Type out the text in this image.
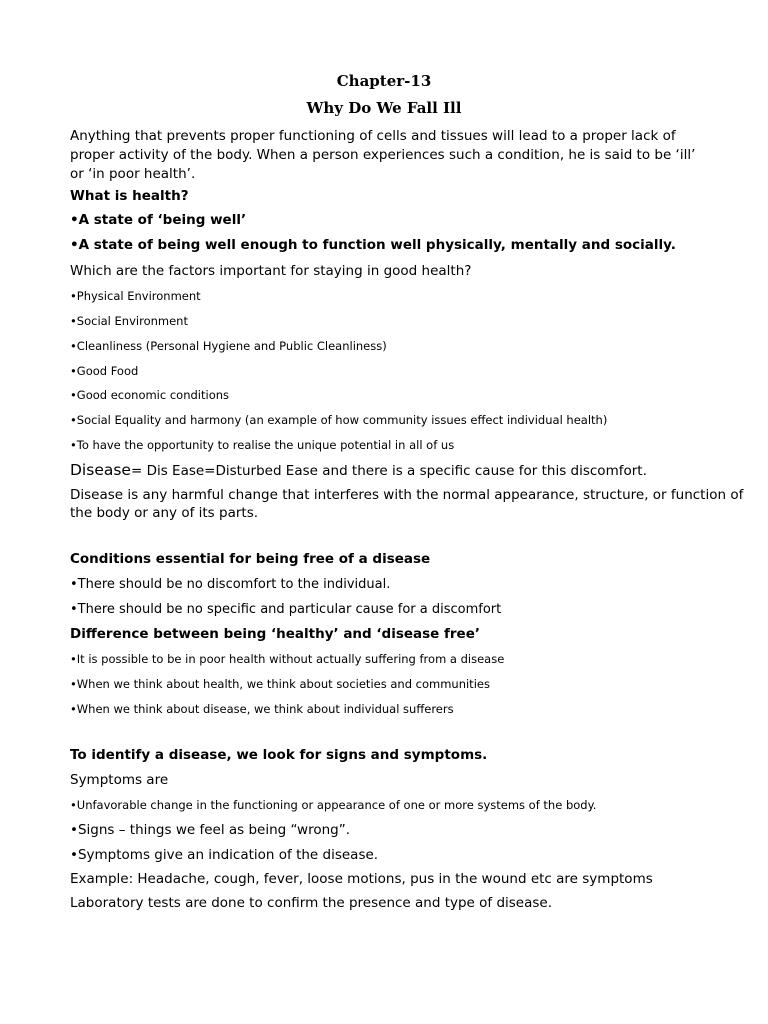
Chapter-13
Why Do We Fall Ill
Anything that prevents proper functioning of cells and tissues will lead to a proper lack of
proper activity of the body. When a person experiences such a condition, he is said to be ‘ill’
or ‘in poor health’.
What is health?
•A state of ‘being well’
•A state of being well enough to function well physically, mentally and socially.
Which are the factors important for staying in good health?
•Physical Environment
•Social Environment
•Cleanliness (Personal Hygiene and Public Cleanliness)
•Good Food
•Good economic conditions
•Social Equality and harmony (an example of how community issues effect individual health)
•To have the opportunity to realise the unique potential in all of us
Disease= Dis Ease=Disturbed Ease and there is a specific cause for this discomfort.
Disease is any harmful change that interferes with the normal appearance, structure, or function of
the body or any of its parts.
Conditions essential for being free of a disease
•There should be no discomfort to the individual.
•There should be no specific and particular cause for a discomfort
Difference between being ‘healthy’ and ‘disease free’
•It is possible to be in poor health without actually suffering from a disease
•When we think about health, we think about societies and communities
•When we think about disease, we think about individual sufferers
To identify a disease, we look for signs and symptoms.
Symptoms are
•Unfavorable change in the functioning or appearance of one or more systems of the body.
•Signs – things we feel as being “wrong”.
•Symptoms give an indication of the disease.
Example: Headache, cough, fever, loose motions, pus in the wound etc are symptoms
Laboratory tests are done to confirm the presence and type of disease.
